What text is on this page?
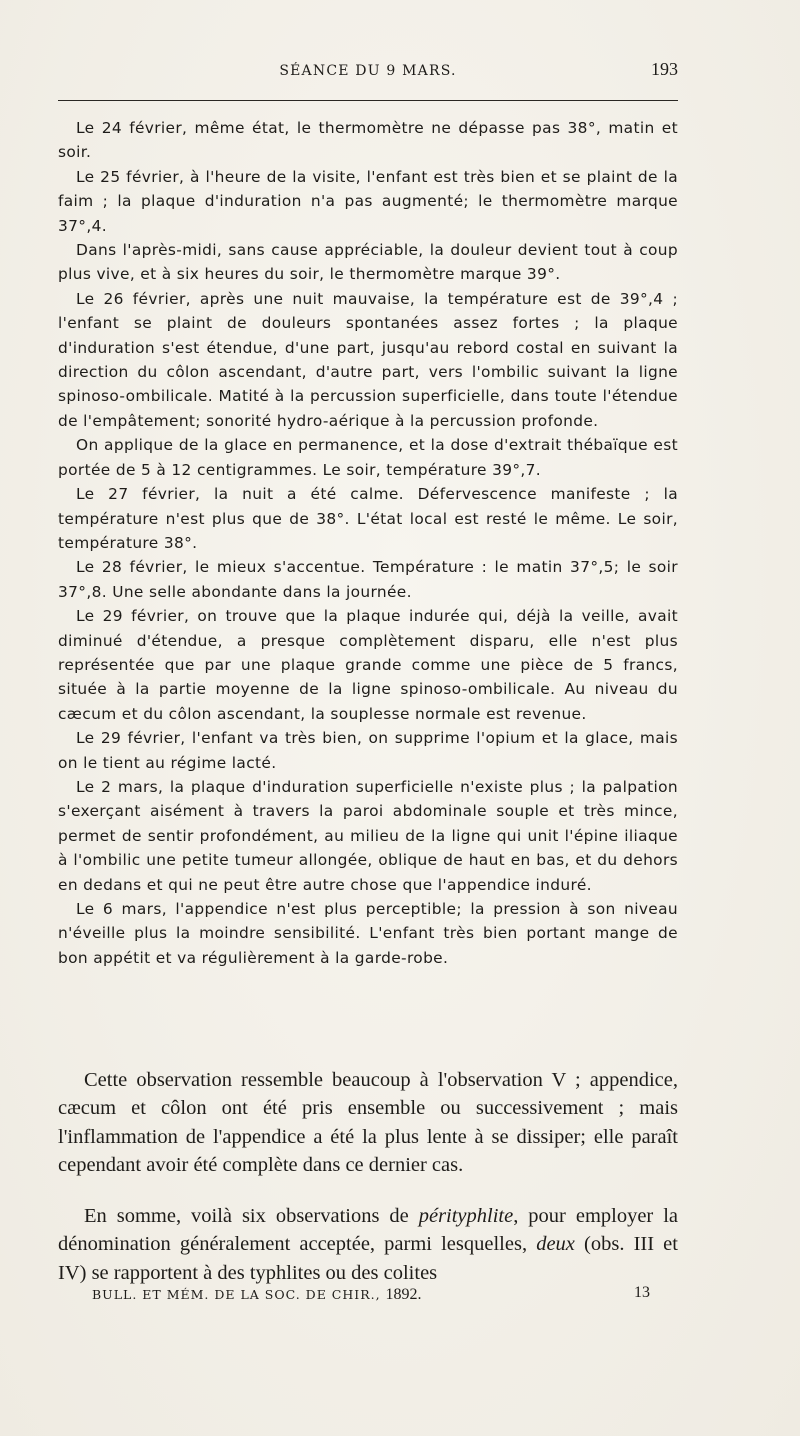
SÉANCE DU 9 MARS.	193

Le 24 février, même état, le thermomètre ne dépasse pas 38°, matin et soir.

Le 25 février, à l'heure de la visite, l'enfant est très bien et se plaint de la faim ; la plaque d'induration n'a pas augmenté; le thermomètre marque 37°,4.

Dans l'après-midi, sans cause appréciable, la douleur devient tout à coup plus vive, et à six heures du soir, le thermomètre marque 39°.

Le 26 février, après une nuit mauvaise, la température est de 39°,4 ; l'enfant se plaint de douleurs spontanées assez fortes ; la plaque d'induration s'est étendue, d'une part, jusqu'au rebord costal en suivant la direction du côlon ascendant, d'autre part, vers l'ombilic suivant la ligne spinoso-ombilicale. Matité à la percussion superficielle, dans toute l'étendue de l'empâtement; sonorité hydro-aérique à la percussion profonde.

On applique de la glace en permanence, et la dose d'extrait thébaïque est portée de 5 à 12 centigrammes. Le soir, température 39°,7.

Le 27 février, la nuit a été calme. Défervescence manifeste ; la température n'est plus que de 38°. L'état local est resté le même. Le soir, température 38°.

Le 28 février, le mieux s'accentue. Température : le matin 37°,5; le soir 37°,8. Une selle abondante dans la journée.

Le 29 février, on trouve que la plaque indurée qui, déjà la veille, avait diminué d'étendue, a presque complètement disparu, elle n'est plus représentée que par une plaque grande comme une pièce de 5 francs, située à la partie moyenne de la ligne spinoso-ombilicale. Au niveau du cæcum et du côlon ascendant, la souplesse normale est revenue.

Le 29 février, l'enfant va très bien, on supprime l'opium et la glace, mais on le tient au régime lacté.

Le 2 mars, la plaque d'induration superficielle n'existe plus ; la palpation s'exerçant aisément à travers la paroi abdominale souple et très mince, permet de sentir profondément, au milieu de la ligne qui unit l'épine iliaque à l'ombilic une petite tumeur allongée, oblique de haut en bas, et du dehors en dedans et qui ne peut être autre chose que l'appendice induré.

Le 6 mars, l'appendice n'est plus perceptible; la pression à son niveau n'éveille plus la moindre sensibilité. L'enfant très bien portant mange de bon appétit et va régulièrement à la garde-robe.

Cette observation ressemble beaucoup à l'observation V ; appendice, cæcum et côlon ont été pris ensemble ou successivement ; mais l'inflammation de l'appendice a été la plus lente à se dissiper; elle paraît cependant avoir été complète dans ce dernier cas.

En somme, voilà six observations de pérityphlite, pour employer la dénomination généralement acceptée, parmi lesquelles, deux (obs. III et IV) se rapportent à des typhlites ou des colites

BULL. ET MÉM. DE LA SOC. DE CHIR., 1892.	13
